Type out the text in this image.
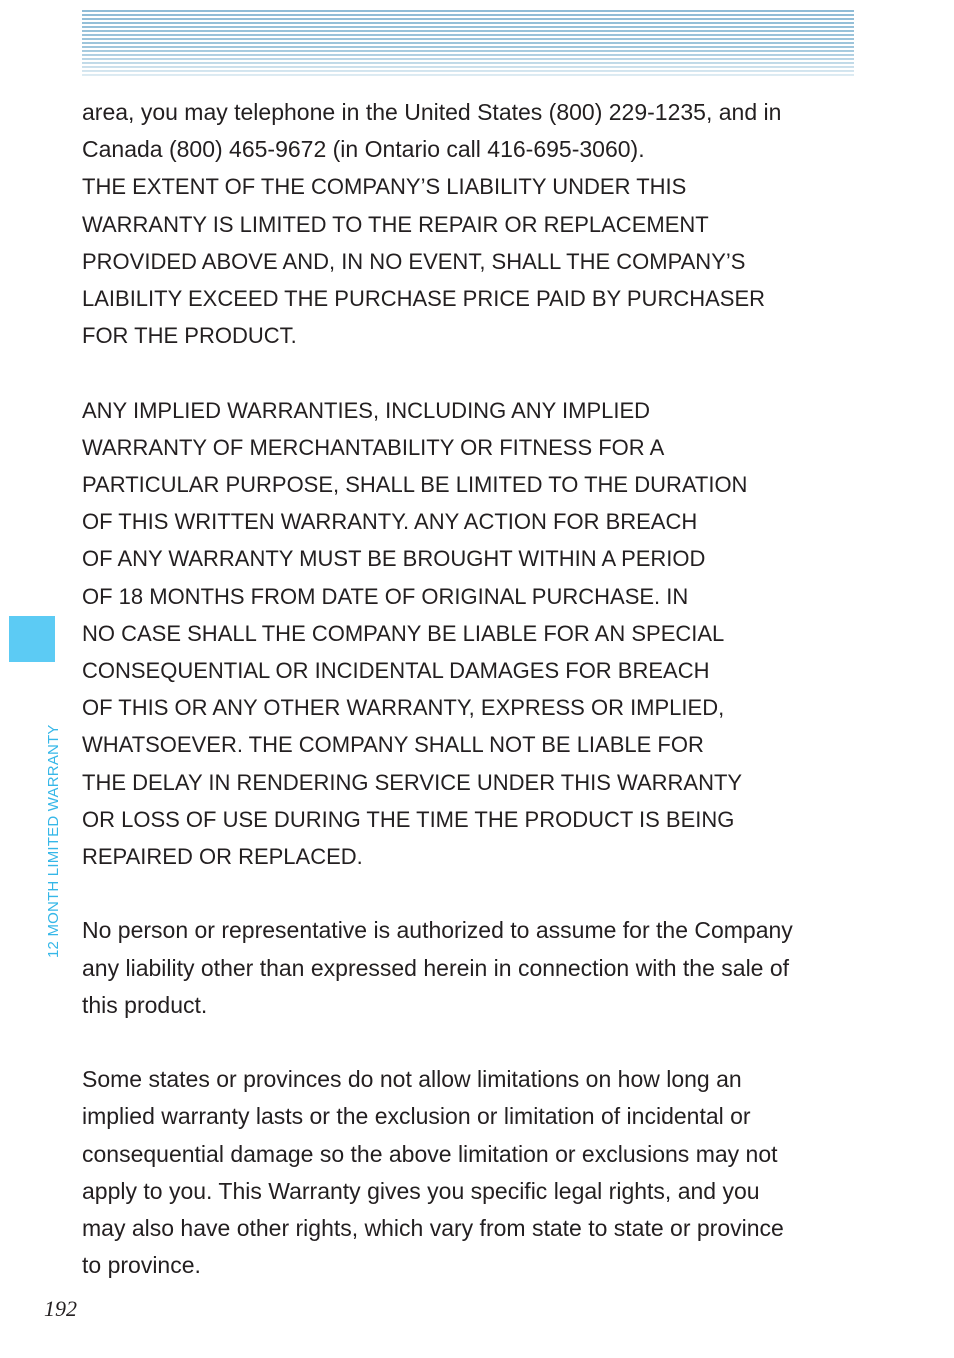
12 MONTH LIMITED WARRANTY

area, you may telephone in the United States (800) 229-1235, and in
Canada (800) 465-9672 (in Ontario call 416-695-3060).

THE EXTENT OF THE COMPANY’S LIABILITY UNDER THIS
WARRANTY IS LIMITED TO THE REPAIR OR REPLACEMENT
PROVIDED ABOVE AND, IN NO EVENT, SHALL THE COMPANY’S
LAIBILITY EXCEED THE PURCHASE PRICE PAID BY PURCHASER
FOR THE PRODUCT.

ANY IMPLIED WARRANTIES, INCLUDING ANY IMPLIED
WARRANTY OF MERCHANTABILITY OR FITNESS FOR A
PARTICULAR PURPOSE, SHALL BE LIMITED TO THE DURATION
OF THIS WRITTEN WARRANTY. ANY ACTION FOR BREACH
OF ANY WARRANTY MUST BE BROUGHT WITHIN A PERIOD
OF 18 MONTHS FROM DATE OF ORIGINAL PURCHASE. IN
NO CASE SHALL THE COMPANY BE LIABLE FOR AN SPECIAL
CONSEQUENTIAL OR INCIDENTAL DAMAGES FOR BREACH
OF THIS OR ANY OTHER WARRANTY, EXPRESS OR IMPLIED,
WHATSOEVER. THE COMPANY SHALL NOT BE LIABLE FOR
THE DELAY IN RENDERING SERVICE UNDER THIS WARRANTY
OR LOSS OF USE DURING THE TIME THE PRODUCT IS BEING
REPAIRED OR REPLACED.

No person or representative is authorized to assume for the Company
any liability other than expressed herein in connection with the sale of
this product.

Some states or provinces do not allow limitations on how long an
implied warranty lasts or the exclusion or limitation of incidental or
consequential damage so the above limitation or exclusions may not
apply to you. This Warranty gives you specific legal rights, and you
may also have other rights, which vary from state to state or province
to province.

192
